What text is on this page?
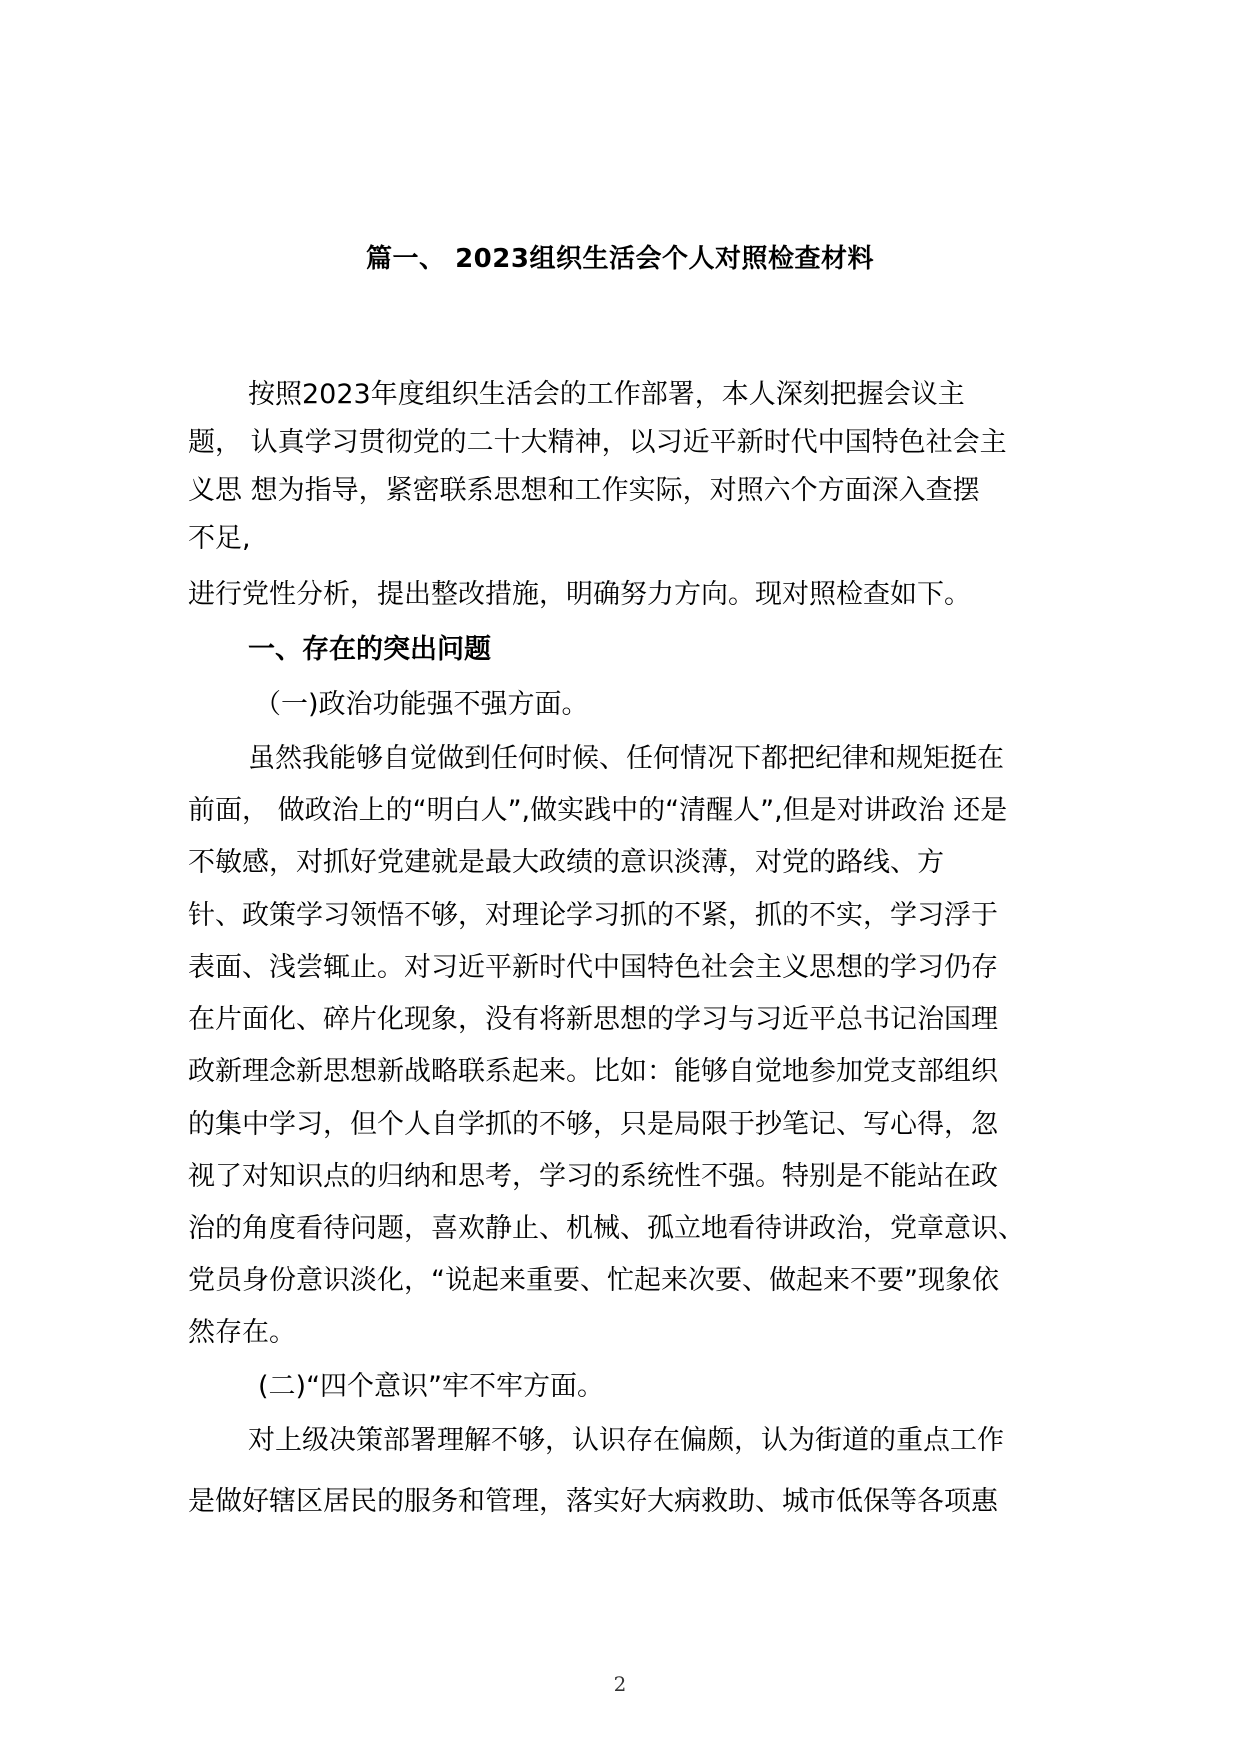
篇一、 2023组织生活会个人对照检查材料
按照2023年度组织生活会的工作部署，本人深刻把握会议主
题， 认真学习贯彻党的二十大精神，以习近平新时代中国特色社会主
义思 想为指导，紧密联系思想和工作实际，对照六个方面深入查摆
不足,
进行党性分析，提出整改措施，明确努力方向。现对照检查如下。
一、存在的突出问题
（一)政治功能强不强方面。
虽然我能够自觉做到任何时候、任何情况下都把纪律和规矩挺在
前面， 做政治上的“明白人”,做实践中的“清醒人”,但是对讲政治 还是
不敏感，对抓好党建就是最大政绩的意识淡薄，对党的路线、方
针、政策学习领悟不够，对理论学习抓的不紧，抓的不实，学习浮于
表面、浅尝辄止。对习近平新时代中国特色社会主义思想的学习仍存
在片面化、碎片化现象，没有将新思想的学习与习近平总书记治国理
政新理念新思想新战略联系起来。比如：能够自觉地参加党支部组织
的集中学习，但个人自学抓的不够，只是局限于抄笔记、写心得，忽
视了对知识点的归纳和思考，学习的系统性不强。特别是不能站在政
治的角度看待问题，喜欢静止、机械、孤立地看待讲政治，党章意识、
党员身份意识淡化，“说起来重要、忙起来次要、做起来不要”现象依
然存在。
(二)“四个意识”牢不牢方面。
对上级决策部署理解不够，认识存在偏颇，认为街道的重点工作
是做好辖区居民的服务和管理，落实好大病救助、城市低保等各项惠
2
